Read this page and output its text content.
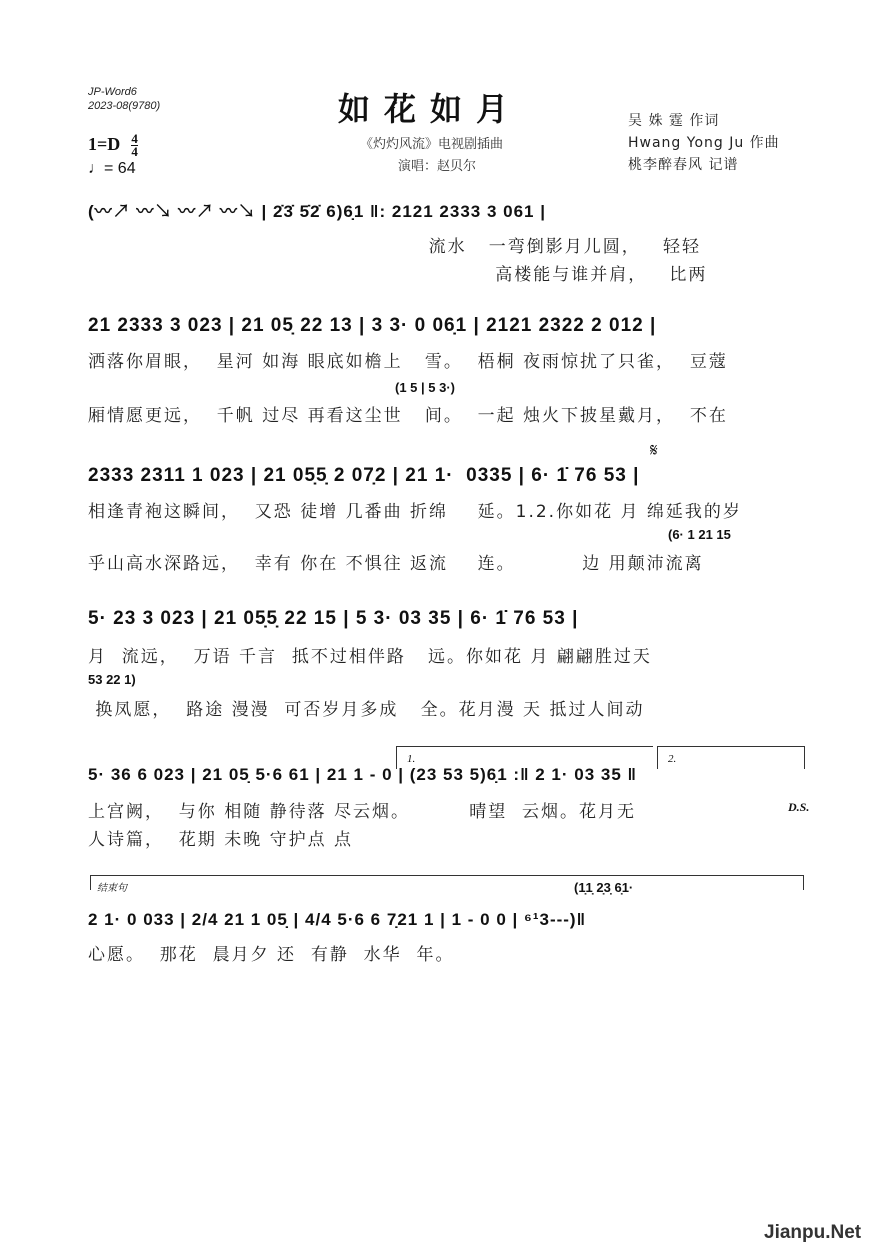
JP-Word6
2023-08(9780)	如花如月
《灼灼风流》电视剧插曲
演唱：赵贝尔
$1=D \frac{4}{4}$
♩= 64
吴 姝 霆 作词
Hwang Yong Ju 作曲
桃李醉春风 记谱
(〰↗ 〰↘ 〰↗ 〰↘ | 2̇3̇ 5̇2̇ 6)6̣1 ‖: 2121 2333 3 061 |
流水   一弯倒影月儿圆，   轻轻
高楼能与谁并肩，   比两
21 2333 3 023 | 21 05̣ 22 13 | 3 3· 0 06̣1 | 2121 2322 2 012 |
洒落你眉眼，  星河 如海 眼底如檐上   雪。  梧桐 夜雨惊扰了只雀，  豆蔻
(1 5 | 5 3·)
厢情愿更远，  千帆 过尽 再看这尘世   间。  一起 烛火下披星戴月，  不在
𝄋
2333 2311 1 023 | 21 05̣5̣ 2 07̣2 | 21 1·  0335 | 6· 1̇ 76 53 |
相逢青袍这瞬间，  又恐 徒增 几番曲 折绵    延。1.2.你如花 月 绵延我的岁
(6· 1 21 15
乎山高水深路远，  幸有 你在 不惧往 返流    连。         边 用颠沛流离
5· 23 3 023 | 21 05̣5̣ 22 15 | 5 3· 03 35 | 6· 1̇ 76 53 |
月  流远，  万语 千言  抵不过相伴路   远。你如花 月 翩翩胜过天
53 22 1)
换凤愿，  路途 漫漫  可否岁月多成   全。花月漫 天 抵过人间动
1.	2.
5· 36 6 023 | 21 05̣ 5·6 61 | 21 1 - 0 | (23 53 5)6̣1 :‖ 2 1· 03 35 ‖
上宫阙，  与你 相随 静待落 尽云烟。        晴望  云烟。花月无	D.S.
人诗篇，  花期 未晚 守护点 点
结束句	(1̣1̣ 2̣3̣ 6̣1·
2 1· 0 033 | 2/4 21 1 05̣ | 4/4 5·6 6 7̣21 1 | 1 - 0 0 | ⁶¹3---)‖
心愿。  那花  晨月夕 还  有静  水华  年。
Jianpu.Net
